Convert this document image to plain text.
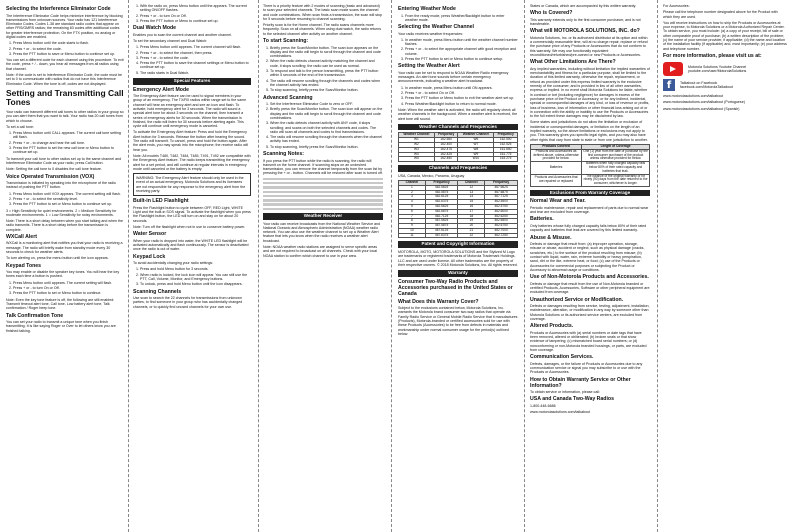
Selecting the Interference Eliminator Code

The Interference Eliminator Code helps minimize interference by blocking transmissions from unknown sources. Your radio has 121 Interference Eliminator Codes. Codes 1-38 are standard radio codes that appear on other FRS/GMRS radios; the remaining 83 codes offer additional codes for greater interference protection. On the FTX position, no analog or digital codes are enabled.

1. Press Menu button until the code starts to flash.
2. Press + or - to select the code.
3. Press the PTT button to save or Menu button to continue set up.

You can set a different code for each channel using this procedure. To exit the code, press + / - down, you hear all messages from all radios using that channel.

Note: If the code is set to Interference Eliminator Code, the code must be set to 0 to communicate with radios that do not have this Interference Eliminator Code. When the tone is off, codes are not displayed.

Setting and Transmitting Call Tones

Your radio can transmit different call tones to other radios in your group so you can alert them that you want to talk. Your radio has 20 call tones from which to choose.

To set a call tone:

1. Press Menu button until CALL appears. The current call tone setting will flash.
2. Press + or - to change and hear the call tone.
3. Press the PTT button to set the new call tone or Menu button to continue set up.

To transmit your call tone to other radios set up to the same channel and Interference Eliminator Code as your radio, press Call button.

Note: Setting the call tone to 0 disables the call tone feature.

Voice Operated Transmission (VOX)

Transmission is initiated by speaking into the microphone of the radio instead of pushing the PTT button.

1. Press Menu button until VOX appears. The current setting will flash.
2. Press + or - to select the sensitivity level.
3. Press the PTT button to set or Menu button to continue set up.

3 = High Sensitivity for quiet environments. 2 = Medium Sensitivity for moderate environments. 1 = Low Sensitivity for noisy environments.

Note: There is a short delay between when you start talking and when the radio transmits. There is a short delay before the transmission is complete.

WXCall Alert

WXCall is a monitoring alert that notifies you that your radio is receiving a message. The radio will briefly wake from standby mode every 30 seconds to check for weather alerts.

To turn alerting on, press the menu button until the icon appears.

Keypad Tones

You may enable or disable the speaker key tones. You will hear the key tones each time a button is pushed.

1. Press Menu button until appears. The current setting will flash.
2. Press + or - to turn On or Off.
3. Press the PTT button to set or Menu button to continue.

Note: Even the key tone feature is off, the following are still enabled: Transmit timeout alert tone, Call tone, Low battery alert tone, Talk confirmation / Roger beep tone.

Talk Confirmation Tone

You can set your radio to transmit a unique tone when you finish transmitting. It is like saying Roger or Over to let others know you are finished talking.

1. With the radio on, press Menu button until the appears. The current setting ON/OFF flashes.
2. Press + or - to turn On or Off.
3. Press the PTT button or Menu to continue set up.
Dual Watch Mode

Enables you to scan the current channel and another channel.

To set the secondary channel and Dual Watch:

1. Press Menu button until appears. The current channel will flash.
2. Press + or - to select the channel, then press.
3. Press + or - to select the code.
4. Press the PTT button to save the channel settings or Menu button to continue set up.
5. The radio starts in Dual Watch.
Special Features
Emergency Alert Mode

The Emergency Alert feature can be used to signal members in your group of an emergency. The TX/RX radios within range set to the same channel will hear an emergency alert and see an icon and flash. To activate, hold emergency alert for 3 seconds. The radio will sound a special alert tone for about 3 seconds on the channel, then transmit a series of emergency alerts for 30 seconds. When the transmission is finished, the radio will listen for 30 seconds before alerting again. This cycle will continue until emergency mode is canceled.

To activate the Emergency Alert feature: Press and hold the Emergency Alert button for 3 seconds. Release the button after hearing the sound. The radio will transmit. To cancel, press and hold the button again. After the alert ends, you may speak into the microphone; the receive radio will hear you.

Note: All models T480, T482, T484, T485, T491, T492 are compatible with the Emergency Alert feature. The radio keeps transmitting the emergency alert for a set period, and will continue at regular intervals in emergency mode until canceled or the battery is empty.

WARNING: The Emergency Alert feature should only be used in the event of an actual emergency. Motorola Solutions and its licensees are not responsible for any response to the emergency alert from the receiving party.
Built-in LED Flashlight

Press the Flashlight button to cycle between OFF, RED Light, WHITE Light and the built-in SOS signal. To activate the flashlight when you press the Flashlight button, the LED will turn on and stay on for about 20 seconds.

Note: Turn off the flashlight when not in use to conserve battery power.

Water Sensor

When your radio is dropped into water, the WHITE LED flashlight will be activated automatically and flash continuously. The sensor is deactivated once the radio is out of water.

Keypad Lock

To avoid accidentally changing your radio settings:

1. Press and hold Menu button for 3 seconds.
2. When radio is locked, the lock icon will appear. You can still use the PTT, Call, Volume, Monitor, and Emergency buttons.
3. To unlock, press and hold Menu button until the icon disappears.
Scanning Channels

Use scan to search the 22 channels for transmissions from unknown parties, to find someone in your group who has accidentally changed channels, or to quickly find unused channels for your own use.

There is a priority feature with 2 modes of scanning (basic and advanced) to scan your selected channels. The basic scan mode scans the channel and code combinations. When scan finds a transmission, the scan will stop for 5 seconds before resuming to channel scanning.

Priority scan is for the Home channel. The radio scans channels more frequently. Scan on all channels. When using dual watch, the radio returns to the selected channel after activity on another channel.

To start Scanning:
1. Briefly press the Scan/Monitor button. The scan icon appears on the display and the radio will begin to scroll through the channel and code combinations.
2. When the radio detects channel activity matching the channel and code, it stops scrolling; the radio can be used as normal.
3. To respond and talk to the person transmitting, press the PTT button within 5 seconds of the end of the transmission.
4. The radio will resume scrolling through the channels and codes when the channel activity has ended.
5. To stop scanning, briefly press the Scan/Monitor button.
Advanced Scanning
1. Set the Interference Eliminator Code to zero or OFF.
2. Briefly press the Scan/Monitor button. The scan icon will appear on the display and the radio will begin to scroll through the channel and code combinations.
3. When the radio detects channel activity with ANY code, it stops scrolling; and scans on both the selected channels and codes. The radio will scan all channels and codes to find transmissions.
4. The radio will resume scrolling through the channels when the channel activity has ended.
5. To stop scanning, briefly press the Scan/Monitor button.
Scanning Notes:

If you press the PTT button while the radio is scanning, the radio will transmit on the home channel. If scanning stops on an undesired transmission, you can remove the channel temporarily from the scan list by pressing the + or - button. Channels will be restored after scan is turned off.

Weather Receiver

Your radio can receive broadcasts from the National Weather Service and National Oceanic and Atmospheric Administration (NOAA) weather radio network. You can also use the weather channel to set up a Weather Alert feature that lets you know when the radio receives a weather alert broadcast.

Note: NOAA weather radio stations are assigned to serve specific areas and are not required to broadcast on all channels. Check with your local NOAA station to confirm which channel to use in your area.

Entering Weather Mode
1. From the ready mode, press Weather/Backlight button to enter weather mode.
Selecting the Weather Channel

Your radio receives weather frequencies:

1. In weather mode, press Menu button until the weather channel number flashes.
2. Press + or - to select the appropriate channel with good reception and volume.
3. Press the PTT button to set or Menu button to continue setup.
Setting the Weather Alert

Your radio can be set to respond to NOAA Weather Radio emergency messages. An alert tone sounds before certain emergency announcements, indicating a weather alert broadcast.

1. In weather mode, press Menu button until ON appears.
2. Press + or - to select On or Off.
3. Press the PTT button or Menu button to exit the weather alert set up.
4. Press Weather/Backlight button to return to normal mode.

Note: When the weather alert is activated, the radio will regularly check all weather channels in the background. When a weather alert is received, the alert tone will sound.

Weather Channels and Frequencies
Weather Channel	Frequency	Weather Channel	Frequency
W1	162.550	W6	162.500
W2	162.400	W7	162.525
W3	162.475	W8	161.650
W4	162.425	W9	161.775
W5	162.450	W10	163.275
Channels and Frequencies

USA, Canada, Mexico, Panama, Uruguay

Channel	Frequency	Channel	Frequency
1	462.5625	12	467.6625
2	462.5875	13	467.6875
3	462.6125	14	467.7125
4	462.6375	15	462.5500
5	462.6625	16	462.5750
6	462.6875	17	462.6000
7	462.7125	18	462.6250
8	467.5625	19	462.6500
9	467.5875	20	462.6750
10	467.6125	21	462.7000
11	467.6375	22	462.7250
Patent and Copyright Information

MOTOROLA, MOTO, MOTOROLA SOLUTIONS and the Stylized M Logo are trademarks or registered trademarks of Motorola Trademark Holdings, LLC and are used under license. All other trademarks are the property of their respective owners. © 2018 Motorola Solutions, Inc. All rights reserved.

Warranty
Consumer Two-Way Radio Products and Accessories purchased in the United States or Canada
What Does this Warranty Cover?

Subject to the exclusions contained below, Motorola Solutions, Inc. warrants the Motorola brand consumer two-way radios that operate via Family Radio Service or General Mobile Radio Service that it manufactures (Products), Motorola-branded or certified accessories sold for use with these Products (Accessories) to be free from defects in materials and workmanship under normal consumer usage for the period(s) outlined below.

States or Canada, which are accompanied by this written warranty.

Who is Covered?

This warranty extends only to the first consumer purchaser, and is not transferable.

What will MOTOROLA SOLUTIONS, INC. do?

Motorola Solutions, Inc. or its authorized distributor at its option and within a commercially reasonable time, will at no charge repair, replace or refund the purchase price of any Products or Accessories that do not conform to this warranty. We may use functionally equivalent reconditioned/refurbished/pre-owned or new Products or Accessories.

What Other Limitations Are There?

Any implied warranties, including without limitation the implied warranties of merchantability and fitness for a particular purpose, shall be limited to the duration of this limited warranty, otherwise the repair, replacement, or refund as provided under this express limited warranty is the exclusive remedy of the consumer, and is provided in lieu of all other warranties, express or implied. In no event shall Motorola Solutions be liable, whether in contract or tort (including negligence) for damages in excess of the purchase price of the Product or Accessory, or for any indirect, incidental, special or consequential damages of any kind, or loss of revenue or profits, loss of business, loss of information or other financial loss arising out of or in connection with the ability or inability to use the Products or Accessories to the full extent these damages may be disclaimed by law.

Some states and jurisdictions do not allow the limitation or exclusion of incidental or consequential damages, or limitation on the length of an implied warranty, so the above limitations or exclusions may not apply to you. This warranty gives you specific legal rights, and you may also have other rights that vary from state to state or from one jurisdiction to another.

Products Covered	Length of Coverage
Products and Accessories as defined above, unless otherwise provided for below.	One (1) year from the date of purchase by the first consumer purchaser of the product unless otherwise provided for below.
Batteries	Batteries when fully charged capacity falls below 80% of their rated capacity and batteries that leak.
Products and Accessories that are repaired or replaced	The balance of the original warranty or for ninety (90) days from the date returned to the consumer, whichever is longer.
Exclusions From Warranty Coverage
Normal Wear and Tear.

Periodic maintenance, repair and replacement of parts due to normal wear and tear are excluded from coverage.

Batteries.

Only batteries whose fully charged capacity falls below 80% of their rated capacity and batteries that leak are covered by this limited warranty.

Abuse & Misuse.

Defects or damage that result from: (a) improper operation, storage, misuse or abuse, accident or neglect, such as physical damage (cracks, scratches, etc.) to the surface of the product resulting from misuse; (b) contact with liquid, water, rain, extreme humidity or heavy perspiration, sand, dirt or the like, extreme heat, or food; (c) use of the Products or Accessories for commercial purposes or subjecting the Product or Accessory to abnormal usage or conditions.

Use of Non-Motorola Products and Accessories.

Defects or damage that result from the use of Non-Motorola branded or certified Products, Accessories, Software or other peripheral equipment are excluded from coverage.

Unauthorized Service or Modification.

Defects or damages resulting from service, testing, adjustment, installation, maintenance, alteration, or modification in any way by someone other than Motorola Solutions or its authorized service centers, are excluded from coverage.

Altered Products.

Products or Accessories with (a) serial numbers or date tags that have been removed, altered or obliterated; (b) broken seals or that show evidence of tampering; (c) mismatched board serial numbers; or (d) nonconforming or non-Motorola branded housings, or parts, are excluded from coverage.

Communication Services.

Defects, damages, or the failure of Products or Accessories due to any communication service or signal you may subscribe to or use with the Products or Accessories.

How to Obtain Warranty Service or Other Information?

To obtain service or information, please call:

USA and Canada Two-Way Radios

1-800-448-6686

www.motorolasolutions.com/talkabout

For Accessories:

Please call the telephone number designated above for the Product with which they are used.

You will receive instructions on how to ship the Products or Accessories at your expense, to Motorola Solutions or a Motorola Authorized Repair Center. To obtain service, you must include: (a) a copy of your receipt, bill of sale or other comparable proof of purchase; (b) a written description of the problem; (c) the name of your service provider, if applicable; (d) the name and location of the installation facility (if applicable) and, most importantly; (e) your address and telephone number.

For more information, please visit us at:
Motorola Solutions Youtube Channel
youtube.com/user/MotorolaSolutions
f	Talkabout on Facebook
facebook.com/MotorolaTalkabout

www.motorolasolutions.com/talkabout

www.motorolasolutions.com/talkabout (Portuguese)

www.motorolasolutions.com/talkabout (Spanish)
